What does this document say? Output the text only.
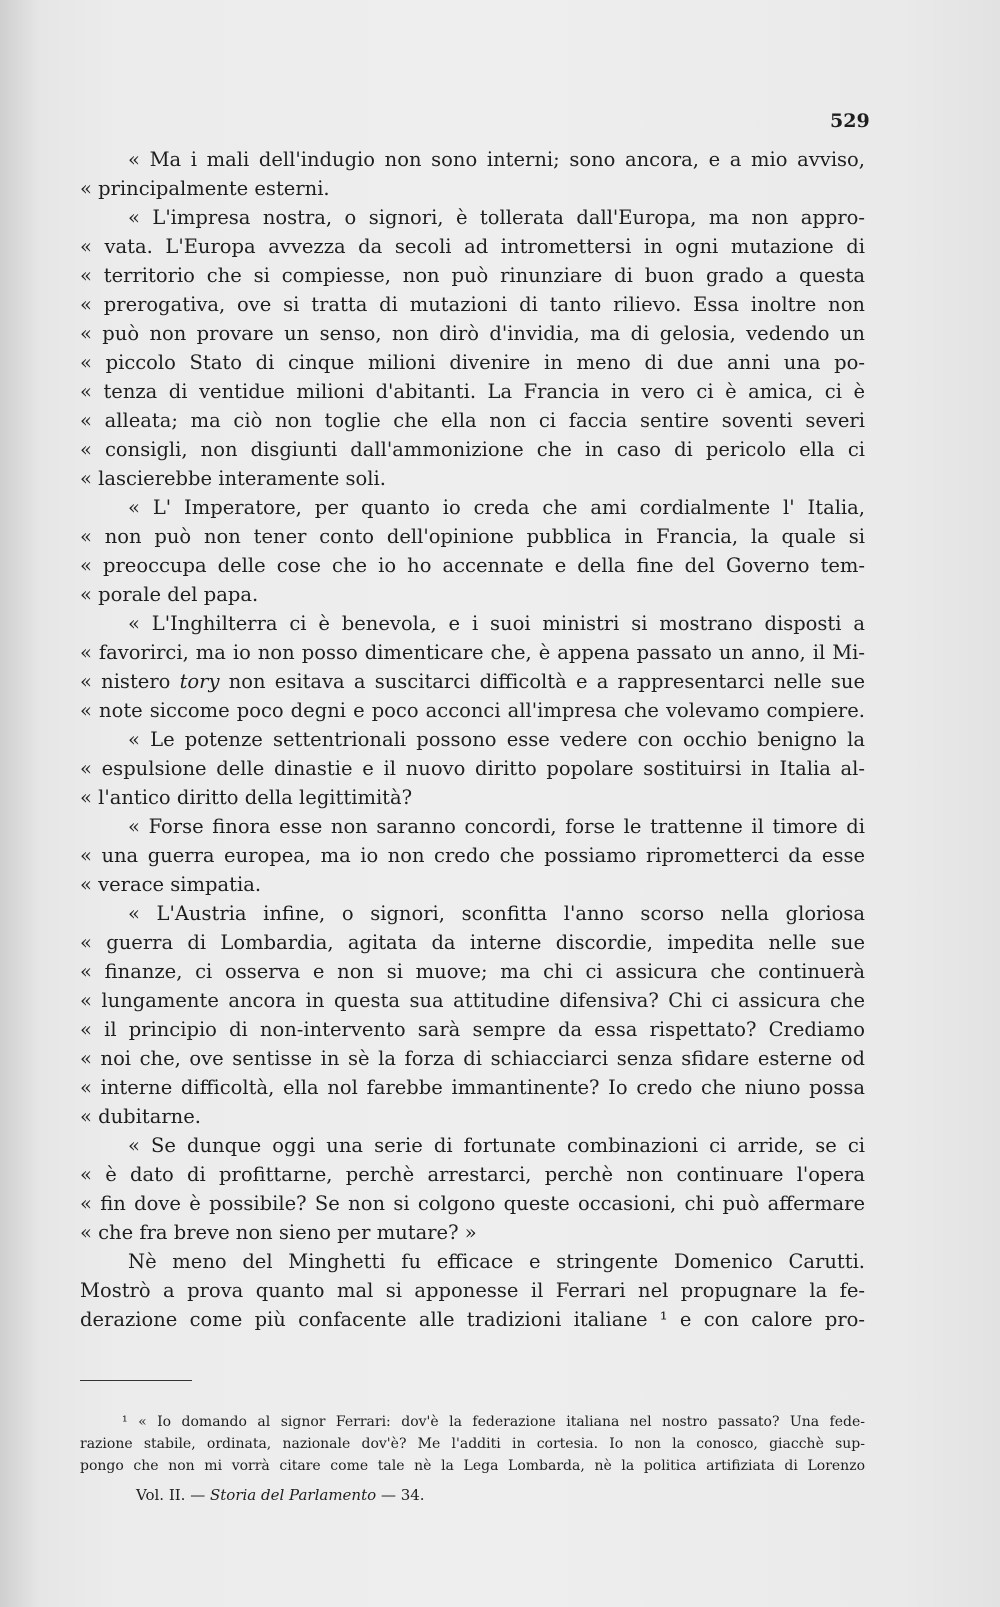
529
« Ma i mali dell'indugio non sono interni; sono ancora, e a mio avviso,
« principalmente esterni.
« L'impresa nostra, o signori, è tollerata dall'Europa, ma non appro-
« vata. L'Europa avvezza da secoli ad intromettersi in ogni mutazione di
« territorio che si compiesse, non può rinunziare di buon grado a questa
« prerogativa, ove si tratta di mutazioni di tanto rilievo. Essa inoltre non
« può non provare un senso, non dirò d'invidia, ma di gelosia, vedendo un
« piccolo Stato di cinque milioni divenire in meno di due anni una po-
« tenza di ventidue milioni d'abitanti. La Francia in vero ci è amica, ci è
« alleata; ma ciò non toglie che ella non ci faccia sentire soventi severi
« consigli, non disgiunti dall'ammonizione che in caso di pericolo ella ci
« lascierebbe interamente soli.
« L' Imperatore, per quanto io creda che ami cordialmente l' Italia,
« non può non tener conto dell'opinione pubblica in Francia, la quale si
« preoccupa delle cose che io ho accennate e della fine del Governo tem-
« porale del papa.
« L'Inghilterra ci è benevola, e i suoi ministri si mostrano disposti a
« favorirci, ma io non posso dimenticare che, è appena passato un anno, il Mi-
« nistero tory non esitava a suscitarci difficoltà e a rappresentarci nelle sue
« note siccome poco degni e poco acconci all'impresa che volevamo compiere.
« Le potenze settentrionali possono esse vedere con occhio benigno la
« espulsione delle dinastie e il nuovo diritto popolare sostituirsi in Italia al-
« l'antico diritto della legittimità?
« Forse finora esse non saranno concordi, forse le trattenne il timore di
« una guerra europea, ma io non credo che possiamo riprometterci da esse
« verace simpatia.
« L'Austria infine, o signori, sconfitta l'anno scorso nella gloriosa
« guerra di Lombardia, agitata da interne discordie, impedita nelle sue
« finanze, ci osserva e non si muove; ma chi ci assicura che continuerà
« lungamente ancora in questa sua attitudine difensiva? Chi ci assicura che
« il principio di non-intervento sarà sempre da essa rispettato? Crediamo
« noi che, ove sentisse in sè la forza di schiacciarci senza sfidare esterne od
« interne difficoltà, ella nol farebbe immantinente? Io credo che niuno possa
« dubitarne.
« Se dunque oggi una serie di fortunate combinazioni ci arride, se ci
« è dato di profittarne, perchè arrestarci, perchè non continuare l'opera
« fin dove è possibile? Se non si colgono queste occasioni, chi può affermare
« che fra breve non sieno per mutare? »
Nè meno del Minghetti fu efficace e stringente Domenico Carutti.
Mostrò a prova quanto mal si apponesse il Ferrari nel propugnare la fe-
derazione come più confacente alle tradizioni italiane ¹ e con calore pro-
¹ « Io domando al signor Ferrari: dov'è la federazione italiana nel nostro passato? Una fede-
razione stabile, ordinata, nazionale dov'è? Me l'additi in cortesia. Io non la conosco, giacchè sup-
pongo che non mi vorrà citare come tale nè la Lega Lombarda, nè la politica artifiziata di Lorenzo
Vol. II. — Storia del Parlamento — 34.
